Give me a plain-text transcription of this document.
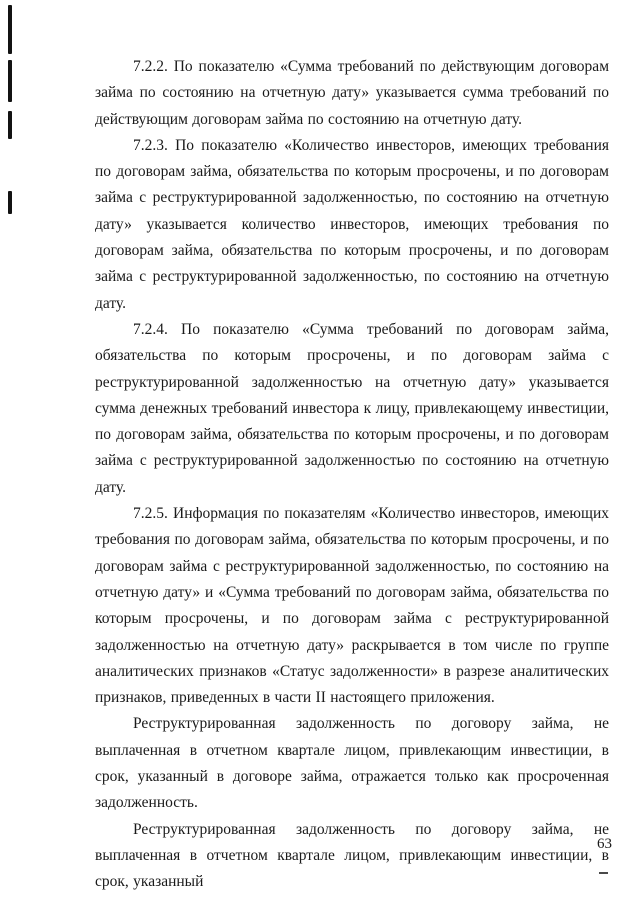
7.2.2. По показателю «Сумма требований по действующим договорам займа по состоянию на отчетную дату» указывается сумма требований по действующим договорам займа по состоянию на отчетную дату.

7.2.3. По показателю «Количество инвесторов, имеющих требования по договорам займа, обязательства по которым просрочены, и по договорам займа с реструктурированной задолженностью, по состоянию на отчетную дату» указывается количество инвесторов, имеющих требования по договорам займа, обязательства по которым просрочены, и по договорам займа с реструктурированной задолженностью, по состоянию на отчетную дату.

7.2.4. По показателю «Сумма требований по договорам займа, обязательства по которым просрочены, и по договорам займа с реструктурированной задолженностью на отчетную дату» указывается сумма денежных требований инвестора к лицу, привлекающему инвестиции, по договорам займа, обязательства по которым просрочены, и по договорам займа с реструктурированной задолженностью по состоянию на отчетную дату.

7.2.5. Информация по показателям «Количество инвесторов, имеющих требования по договорам займа, обязательства по которым просрочены, и по договорам займа с реструктурированной задолженностью, по состоянию на отчетную дату» и «Сумма требований по договорам займа, обязательства по которым просрочены, и по договорам займа с реструктурированной задолженностью на отчетную дату» раскрывается в том числе по группе аналитических признаков «Статус задолженности» в разрезе аналитических признаков, приведенных в части II настоящего приложения.

Реструктурированная задолженность по договору займа, не выплаченная в отчетном квартале лицом, привлекающим инвестиции, в срок, указанный в договоре займа, отражается только как просроченная задолженность.

Реструктурированная задолженность по договору займа, не выплаченная в отчетном квартале лицом, привлекающим инвестиции, в срок, указанный

63
